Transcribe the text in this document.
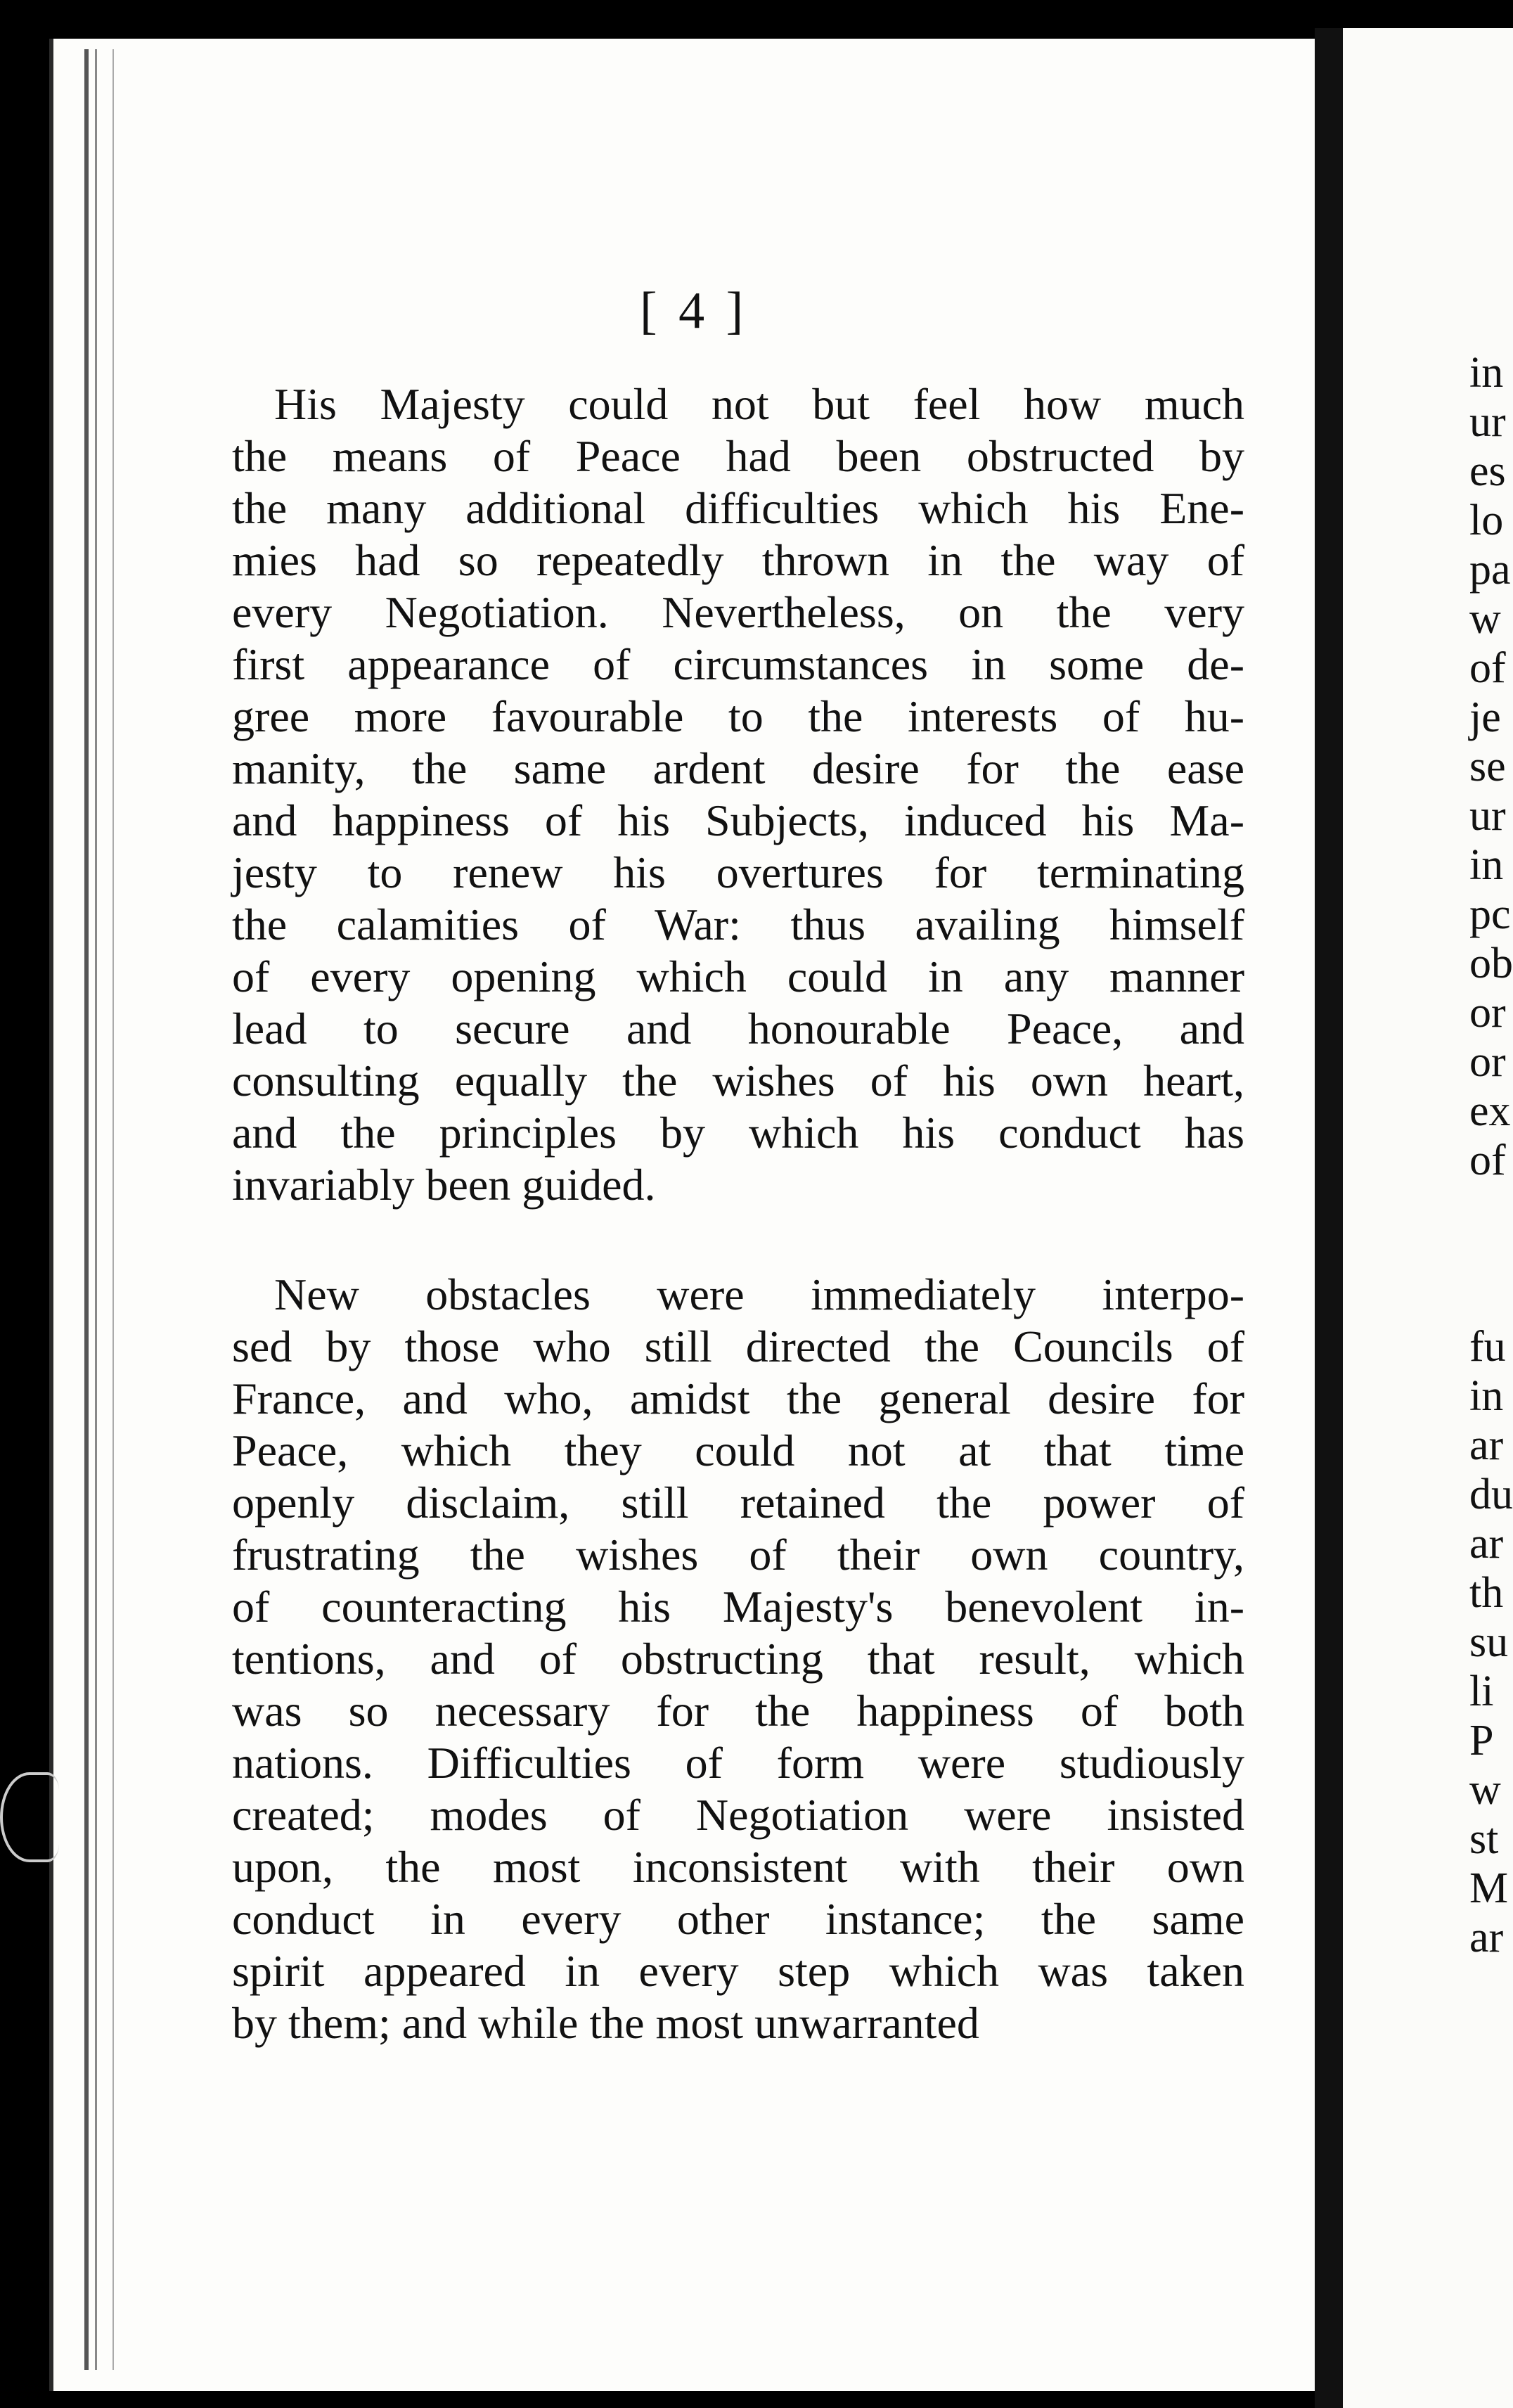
in
ur
es
lo
pa
w
of
je
se
ur
in
pc
ob
or
or
ex
of
fu
in
ar
du
ar
th
su
li
P
w
st
M
ar
[ 4 ]
His Majesty could not but feel how much
the means of Peace had been obstructed by
the many additional difficulties which his Ene-
mies had so repeatedly thrown in the way of
every Negotiation. Nevertheless, on the very
first appearance of circumstances in some de-
gree more favourable to the interests of hu-
manity, the same ardent desire for the ease
and happiness of his Subjects, induced his Ma-
jesty to renew his overtures for terminating
the calamities of War: thus availing himself
of every opening which could in any manner
lead to secure and honourable Peace, and
consulting equally the wishes of his own heart,
and the principles by which his conduct has
invariably been guided.
New obstacles were immediately interpo-
sed by those who still directed the Councils of
France, and who, amidst the general desire for
Peace, which they could not at that time
openly disclaim, still retained the power of
frustrating the wishes of their own country,
of counteracting his Majesty's benevolent in-
tentions, and of obstructing that result, which
was so necessary for the happiness of both
nations. Difficulties of form were studiously
created; modes of Negotiation were insisted
upon, the most inconsistent with their own
conduct in every other instance; the same
spirit appeared in every step which was taken
by them; and while the most unwarranted
